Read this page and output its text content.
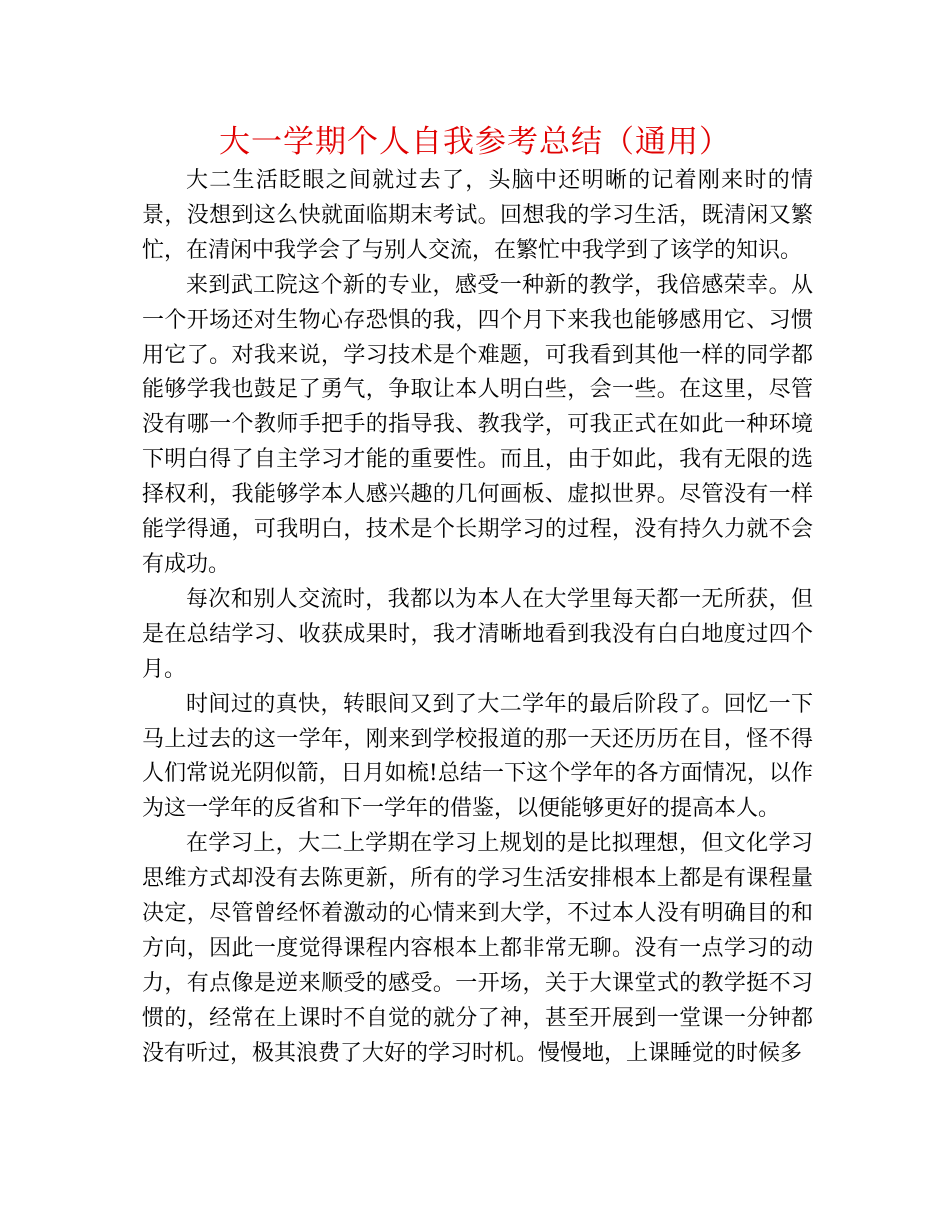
大一学期个人自我参考总结（通用）

大二生活眨眼之间就过去了，头脑中还明晰的记着刚来时的情景，没想到这么快就面临期末考试。回想我的学习生活，既清闲又繁忙，在清闲中我学会了与别人交流，在繁忙中我学到了该学的知识。

来到武工院这个新的专业，感受一种新的教学，我倍感荣幸。从一个开场还对生物心存恐惧的我，四个月下来我也能够感用它、习惯用它了。对我来说，学习技术是个难题，可我看到其他一样的同学都能够学我也鼓足了勇气，争取让本人明白些，会一些。在这里，尽管没有哪一个教师手把手的指导我、教我学，可我正式在如此一种环境下明白得了自主学习才能的重要性。而且，由于如此，我有无限的选择权利，我能够学本人感兴趣的几何画板、虚拟世界。尽管没有一样能学得通，可我明白，技术是个长期学习的过程，没有持久力就不会有成功。

每次和别人交流时，我都以为本人在大学里每天都一无所获，但是在总结学习、收获成果时，我才清晰地看到我没有白白地度过四个月。

时间过的真快，转眼间又到了大二学年的最后阶段了。回忆一下马上过去的这一学年，刚来到学校报道的那一天还历历在目，怪不得人们常说光阴似箭，日月如梳!总结一下这个学年的各方面情况，以作为这一学年的反省和下一学年的借鉴，以便能够更好的提高本人。

在学习上，大二上学期在学习上规划的是比拟理想，但文化学习思维方式却没有去陈更新，所有的学习生活安排根本上都是有课程量决定，尽管曾经怀着激动的心情来到大学，不过本人没有明确目的和方向，因此一度觉得课程内容根本上都非常无聊。没有一点学习的动力，有点像是逆来顺受的感受。一开场，关于大课堂式的教学挺不习惯的，经常在上课时不自觉的就分了神，甚至开展到一堂课一分钟都没有听过，极其浪费了大好的学习时机。慢慢地，上课睡觉的时候多
